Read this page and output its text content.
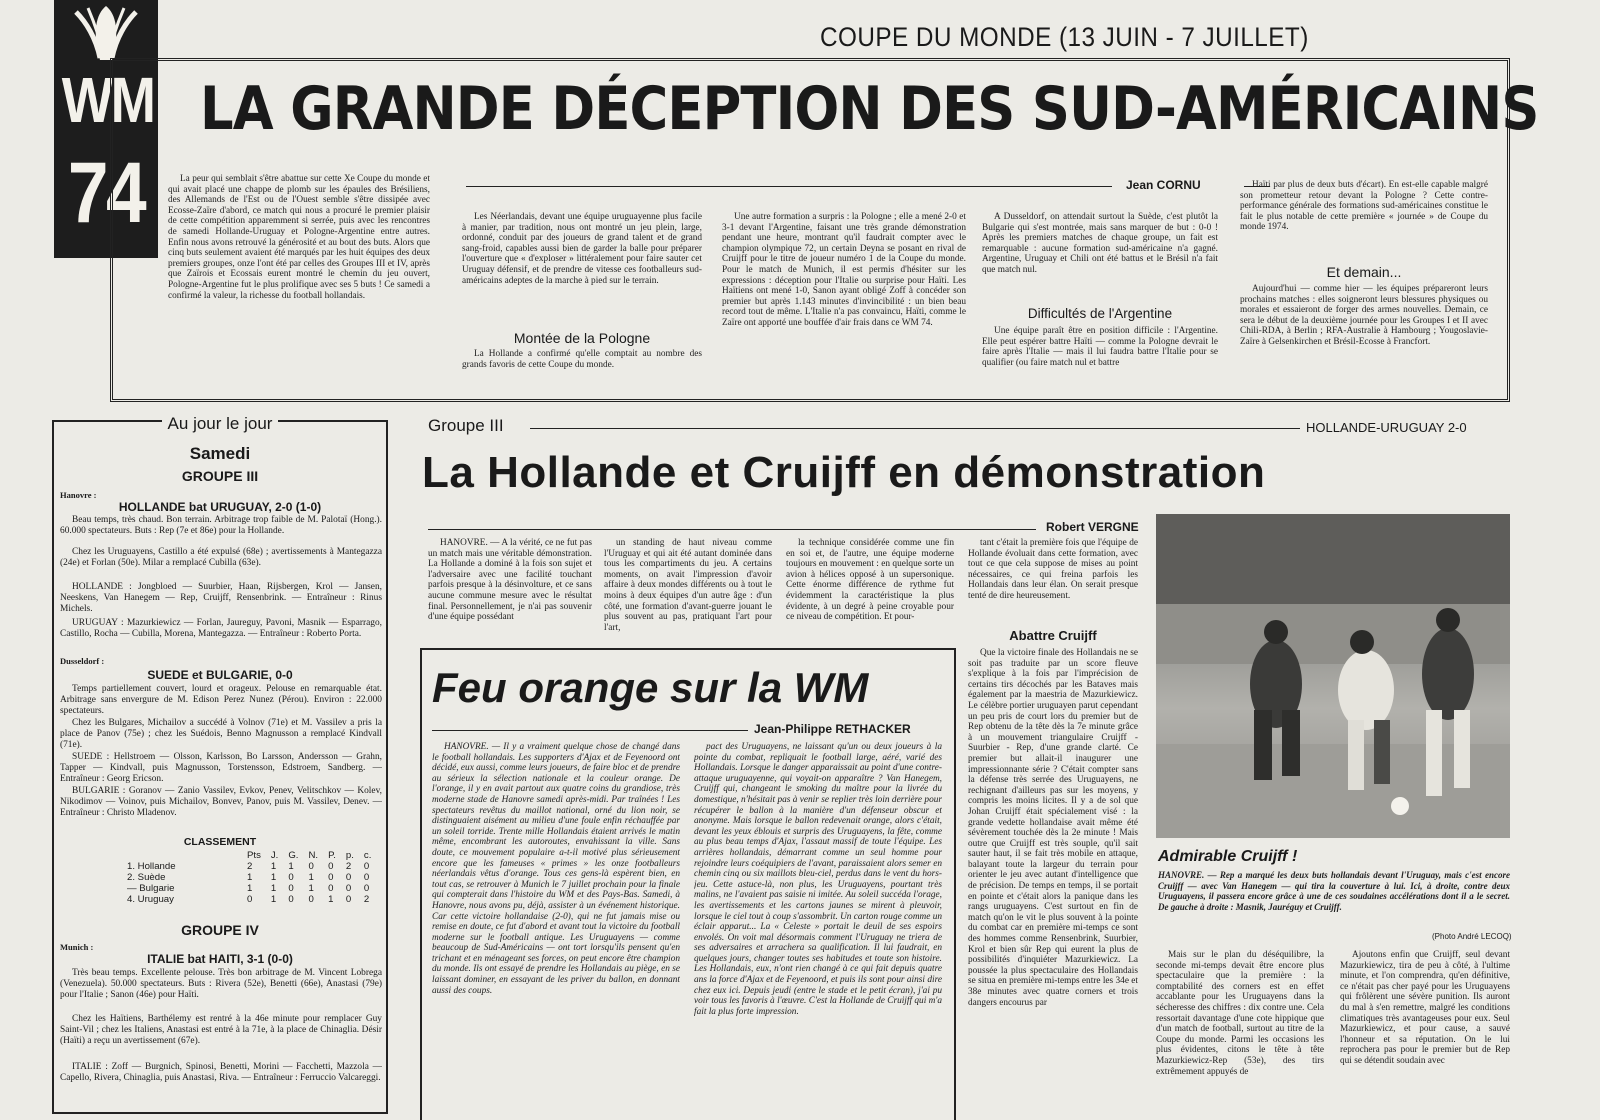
WM
74
COUPE DU MONDE (13 JUIN - 7 JUILLET)
LA GRANDE DÉCEPTION DES SUD-AMÉRICAINS
Jean CORNU

La peur qui semblait s'être abattue sur cette Xe Coupe du monde et qui avait placé une chappe de plomb sur les épaules des Brésiliens, des Allemands de l'Est ou de l'Ouest semble s'être dissipée avec Ecosse-Zaïre d'abord, ce match qui nous a procuré le premier plaisir de cette compétition apparemment si serrée, puis avec les rencontres de samedi Hollande-Uruguay et Pologne-Argentine entre autres. Enfin nous avons retrouvé la générosité et au bout des buts. Alors que cinq buts seulement avaient été marqués par les huit équipes des deux premiers groupes, onze l'ont été par celles des Groupes III et IV, après que Zaïrois et Ecossais eurent montré le chemin du jeu ouvert, Pologne-Argentine fut le plus prolifique avec ses 5 buts ! Ce samedi a confirmé la valeur, la richesse du football hollandais.

Les Néerlandais, devant une équipe uruguayenne plus facile à manier, par tradition, nous ont montré un jeu plein, large, ordonné, conduit par des joueurs de grand talent et de grand sang-froid, capables aussi bien de garder la balle pour préparer l'ouverture que « d'exploser » littéralement pour faire sauter cet Uruguay défensif, et de prendre de vitesse ces footballeurs sud-américains adeptes de la marche à pied sur le terrain.

Montée de la Pologne

La Hollande a confirmé qu'elle comptait au nombre des grands favoris de cette Coupe du monde.

Une autre formation a surpris : la Pologne ; elle a mené 2-0 et 3-1 devant l'Argentine, faisant une très grande démonstration pendant une heure, montrant qu'il faudrait compter avec le champion olympique 72, un certain Deyna se posant en rival de Cruijff pour le titre de joueur numéro 1 de la Coupe du monde. Pour le match de Munich, il est permis d'hésiter sur les expressions : déception pour l'Italie ou surprise pour Haïti. Les Haïtiens ont mené 1-0, Sanon ayant obligé Zoff à concéder son premier but après 1.143 minutes d'invincibilité : un bien beau record tout de même. L'Italie n'a pas convaincu, Haïti, comme le Zaïre ont apporté une bouffée d'air frais dans ce WM 74.

A Dusseldorf, on attendait surtout la Suède, c'est plutôt la Bulgarie qui s'est montrée, mais sans marquer de but : 0-0 ! Après les premiers matches de chaque groupe, un fait est remarquable : aucune formation sud-américaine n'a gagné. Argentine, Uruguay et Chili ont été battus et le Brésil n'a fait que match nul.

Difficultés de l'Argentine

Une équipe paraît être en position difficile : l'Argentine. Elle peut espérer battre Haïti — comme la Pologne devrait le faire après l'Italie — mais il lui faudra battre l'Italie pour se qualifier (ou faire match nul et battre

Haïti par plus de deux buts d'écart). En est-elle capable malgré son prometteur retour devant la Pologne ? Cette contre-performance générale des formations sud-américaines constitue le fait le plus notable de cette première « journée » de Coupe du monde 1974.

Et demain...

Aujourd'hui — comme hier — les équipes prépareront leurs prochains matches : elles soigneront leurs blessures physiques ou morales et essaieront de forger des armes nouvelles. Demain, ce sera le début de la deuxième journée pour les Groupes I et II avec Chili-RDA, à Berlin ; RFA-Australie à Hambourg ; Yougoslavie-Zaïre à Gelsenkirchen et Brésil-Ecosse à Francfort.

Au jour le jour
Samedi
GROUPE III
Hanovre :
HOLLANDE bat URUGUAY, 2-0 (1-0)
Beau temps, très chaud. Bon terrain. Arbitrage trop faible de M. Palotaï (Hong.). 60.000 spectateurs. Buts : Rep (7e et 86e) pour la Hollande.
Chez les Uruguayens, Castillo a été expulsé (68e) ; avertissements à Mantegazza (24e) et Forlan (50e). Milar a remplacé Cubilla (63e).
HOLLANDE : Jongbloed — Suurbier, Haan, Rijsbergen, Krol — Jansen, Neeskens, Van Hanegem — Rep, Cruijff, Rensenbrink. — Entraîneur : Rinus Michels.
URUGUAY : Mazurkiewicz — Forlan, Jaureguy, Pavoni, Masnik — Esparrago, Castillo, Rocha — Cubilla, Morena, Mantegazza. — Entraîneur : Roberto Porta.
Dusseldorf :
SUEDE et BULGARIE, 0-0
Temps partiellement couvert, lourd et orageux. Pelouse en remarquable état. Arbitrage sans envergure de M. Edison Perez Nunez (Pérou). Environ : 22.000 spectateurs.
Chez les Bulgares, Michailov a succédé à Volnov (71e) et M. Vassilev a pris la place de Panov (75e) ; chez les Suédois, Benno Magnusson a remplacé Kindvall (71e).
SUEDE : Hellstroem — Olsson, Karlsson, Bo Larsson, Andersson — Grahn, Tapper — Kindvall, puis Magnusson, Torstensson, Edstroem, Sandberg. — Entraîneur : Georg Ericson.
BULGARIE : Goranov — Zanio Vassilev, Evkov, Penev, Velitschkov — Kolev, Nikodimov — Voinov, puis Michailov, Bonvev, Panov, puis M. Vassilev, Denev. — Entraîneur : Christo Mladenov.
CLASSEMENT
	Pts	J.	G.	N.	P.	p.	c.
1. Hollande	2	1	1	0	0	2	0
2. Suède	1	1	0	1	0	0	0
— Bulgarie	1	1	0	1	0	0	0
4. Uruguay	0	1	0	0	1	0	2
GROUPE IV
Munich :
ITALIE bat HAITI, 3-1 (0-0)
Très beau temps. Excellente pelouse. Très bon arbitrage de M. Vincent Lobrega (Venezuela). 50.000 spectateurs. Buts : Rivera (52e), Benetti (66e), Anastasi (79e) pour l'Italie ; Sanon (46e) pour Haïti.
Chez les Haïtiens, Barthélemy est rentré à la 46e minute pour remplacer Guy Saint-Vil ; chez les Italiens, Anastasi est entré à la 71e, à la place de Chinaglia. Désir (Haïti) a reçu un avertissement (67e).
ITALIE : Zoff — Burgnich, Spinosi, Benetti, Morini — Facchetti, Mazzola — Capello, Rivera, Chinaglia, puis Anastasi, Riva. — Entraîneur : Ferruccio Valcareggi.
Groupe III	HOLLANDE-URUGUAY 2-0
La Hollande et Cruijff en démonstration
Robert VERGNE

HANOVRE. — A la vérité, ce ne fut pas un match mais une véritable démonstration. La Hollande a dominé à la fois son sujet et l'adversaire avec une facilité touchant parfois presque à la désinvolture, et ce sans aucune commune mesure avec le résultat final. Personnellement, je n'ai pas souvenir d'une équipe possédant

un standing de haut niveau comme l'Uruguay et qui ait été autant dominée dans tous les compartiments du jeu. A certains moments, on avait l'impression d'avoir affaire à deux mondes différents ou à tout le moins à deux équipes d'un autre âge : d'un côté, une formation d'avant-guerre jouant le plus souvent au pas, pratiquant l'art pour l'art,

la technique considérée comme une fin en soi et, de l'autre, une équipe moderne toujours en mouvement : en quelque sorte un avion à hélices opposé à un supersonique. Cette énorme différence de rythme fut évidemment la caractéristique la plus évidente, à un degré à peine croyable pour ce niveau de compétition. Et pour-

tant c'était la première fois que l'équipe de Hollande évoluait dans cette formation, avec tout ce que cela suppose de mises au point nécessaires, ce qui freina parfois les Hollandais dans leur élan. On serait presque tenté de dire heureusement.

Abattre Cruijff

Que la victoire finale des Hollandais ne se soit pas traduite par un score fleuve s'explique à la fois par l'imprécision de certains tirs décochés par les Bataves mais également par la maestria de Mazurkiewicz. Le célèbre portier uruguayen parut cependant un peu pris de court lors du premier but de Rep obtenu de la tête dès la 7e minute grâce à un mouvement triangulaire Cruijff - Suurbier - Rep, d'une grande clarté. Ce premier but allait-il inaugurer une impressionnante série ? C'était compter sans la défense très serrée des Uruguayens, ne rechignant d'ailleurs pas sur les moyens, y compris les moins licites. Il y a de sol que Johan Cruijff était spécialement visé : la grande vedette hollandaise avait même été sévèrement touchée dès la 2e minute ! Mais outre que Cruijff est très souple, qu'il sait sauter haut, il se fait très mobile en attaque, balayant toute la largeur du terrain pour orienter le jeu avec autant d'intelligence que de précision. De temps en temps, il se portait en pointe et c'était alors la panique dans les rangs uruguayens. C'est surtout en fin de match qu'on le vit le plus souvent à la pointe du combat car en première mi-temps ce sont des hommes comme Rensenbrink, Suurbier, Krol et bien sûr Rep qui eurent la plus de possibilités d'inquiéter Mazurkiewicz. La poussée la plus spectaculaire des Hollandais se situa en première mi-temps entre les 34e et 38e minutes avec quatre corners et trois dangers encourus par

Admirable Cruijff !

HANOVRE. — Rep a marqué les deux buts hollandais devant l'Uruguay, mais c'est encore Cruijff — avec Van Hanegem — qui tira la couverture à lui. Ici, à droite, contre deux Uruguayens, il passera encore grâce à une de ces soudaines accélérations dont il a le secret. De gauche à droite : Masnik, Jauréguy et Cruijff.

(Photo André LECOQ)

Mais sur le plan du déséquilibre, la seconde mi-temps devait être encore plus spectaculaire que la première : la comptabilité des corners est en effet accablante pour les Uruguayens dans la sécheresse des chiffres : dix contre une. Cela ressortait davantage d'une cote hippique que d'un match de football, surtout au titre de la Coupe du monde. Parmi les occasions les plus évidentes, citons le tête à tête Mazurkiewicz-Rep (53e), des tirs extrêmement appuyés de

Ajoutons enfin que Cruijff, seul devant Mazurkiewicz, tira de peu à côté, à l'ultime minute, et l'on comprendra, qu'en définitive, ce n'était pas cher payé pour les Uruguayens qui frôlèrent une sévère punition. Ils auront du mal à s'en remettre, malgré les conditions climatiques très avantageuses pour eux. Seul Mazurkiewicz, et pour cause, a sauvé l'honneur et sa réputation. On le lui reprochera pas pour le premier but de Rep qui se détendit soudain avec

Feu orange sur la WM
Jean-Philippe RETHACKER

HANOVRE. — Il y a vraiment quelque chose de changé dans le football hollandais. Les supporters d'Ajax et de Feyenoord ont décidé, eux aussi, comme leurs joueurs, de faire bloc et de prendre au sérieux la sélection nationale et la couleur orange. De l'orange, il y en avait partout aux quatre coins du grandiose, très moderne stade de Hanovre samedi après-midi. Par traînées ! Les spectateurs revêtus du maillot national, orné du lion noir, se distinguaient aisément au milieu d'une foule enfin réchauffée par un soleil torride. Trente mille Hollandais étaient arrivés le matin même, encombrant les autoroutes, envahissant la ville. Sans doute, ce mouvement populaire a-t-il motivé plus sérieusement encore que les fameuses « primes » les onze footballeurs néerlandais vêtus d'orange. Tous ces gens-là espèrent bien, en tout cas, se retrouver à Munich le 7 juillet prochain pour la finale qui compterait dans l'histoire du WM et des Pays-Bas. Samedi, à Hanovre, nous avons pu, déjà, assister à un événement historique. Car cette victoire hollandaise (2-0), qui ne fut jamais mise ou remise en doute, ce fut d'abord et avant tout la victoire du football moderne sur le football antique. Les Uruguayens — comme beaucoup de Sud-Américains — ont tort lorsqu'ils pensent qu'en trichant et en ménageant ses forces, on peut encore être champion du monde. Ils ont essayé de prendre les Hollandais au piège, en se laissant dominer, en essayant de les priver du ballon, en donnant aussi des coups.

pact des Uruguayens, ne laissant qu'un ou deux joueurs à la pointe du combat, repliquait le football large, aéré, varié des Hollandais. Lorsque le danger apparaissait au point d'une contre-attaque uruguayenne, qui voyait-on apparaître ? Van Hanegem, Cruijff qui, changeant le smoking du maître pour la livrée du domestique, n'hésitait pas à venir se replier très loin derrière pour récupérer le ballon à la manière d'un défenseur obscur et anonyme. Mais lorsque le ballon redevenait orange, alors c'était, devant les yeux éblouis et surpris des Uruguayens, la fête, comme au plus beau temps d'Ajax, l'assaut massif de toute l'équipe. Les arrières hollandais, démarrant comme un seul homme pour rejoindre leurs coéquipiers de l'avant, paraissaient alors semer en chemin cinq ou six maillots bleu-ciel, perdus dans le vent du hors-jeu. Cette astuce-là, non plus, les Uruguayens, pourtant très malins, ne l'avaient pas saisie ni imitée. Au soleil succéda l'orage, les avertissements et les cartons jaunes se mirent à pleuvoir, lorsque le ciel tout à coup s'assombrit. Un carton rouge comme un éclair apparut... La « Celeste » portait le deuil de ses espoirs envolés. On voit mal désormais comment l'Uruguay ne triera de ses adversaires et arrachera sa qualification. Il lui faudrait, en quelques jours, changer toutes ses habitudes et toute son histoire. Les Hollandais, eux, n'ont rien changé à ce qui fait depuis quatre ans la force d'Ajax et de Feyenoord, et puis ils sont pour ainsi dire chez eux ici. Depuis jeudi (entre le stade et le petit écran), j'ai pu voir tous les favoris à l'œuvre. C'est la Hollande de Cruijff qui m'a fait la plus forte impression.
